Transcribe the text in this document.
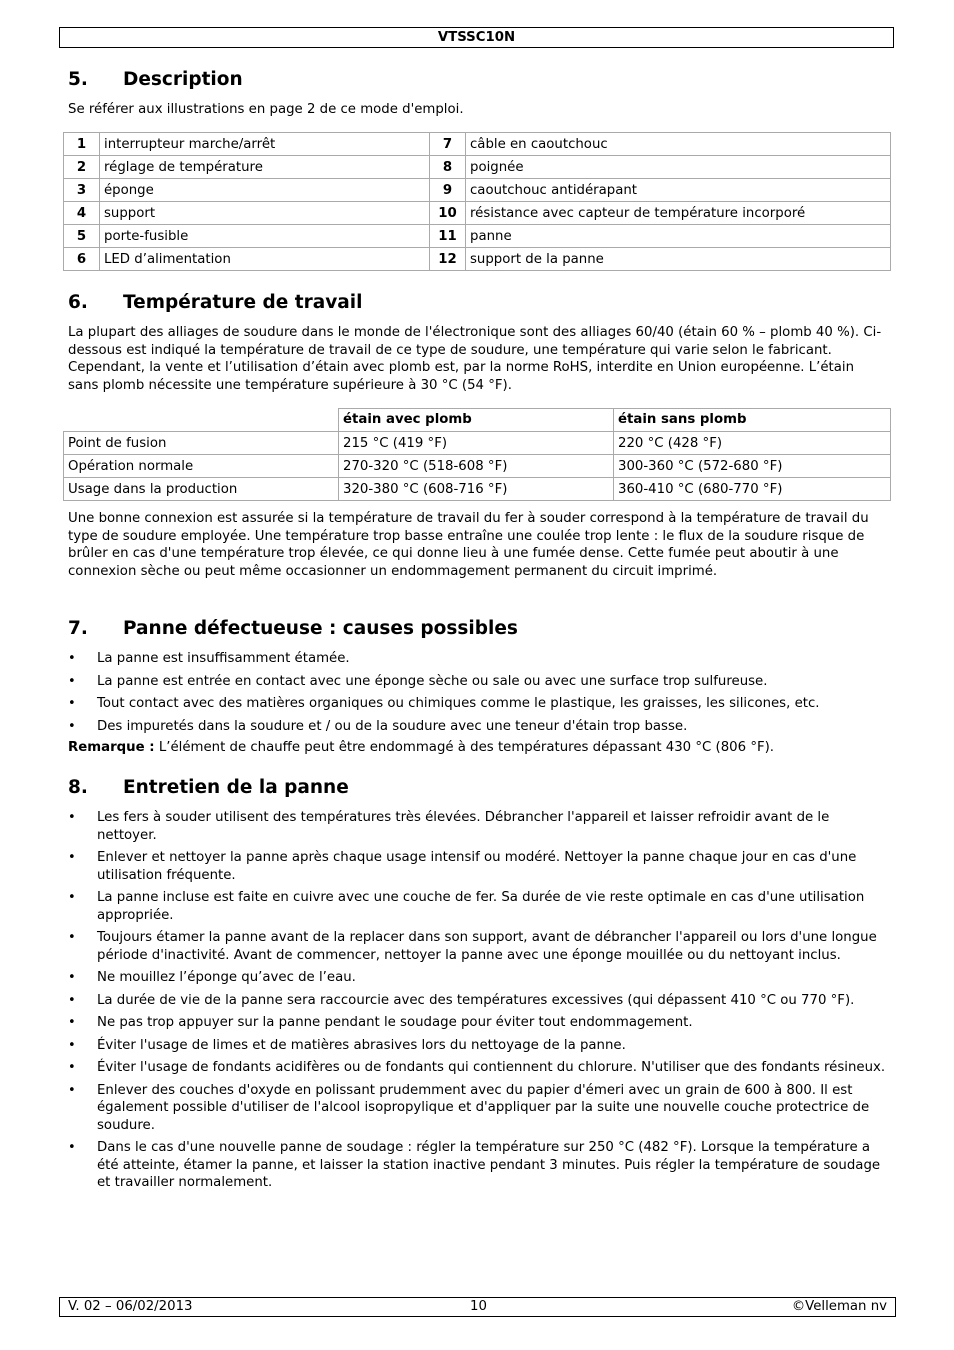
VTSSC10N
5. Description
Se référer aux illustrations en page 2 de ce mode d'emploi.
1	interrupteur marche/arrêt	7	câble en caoutchouc
2	réglage de température	8	poignée
3	éponge	9	caoutchouc antidérapant
4	support	10	résistance avec capteur de température incorporé
5	porte-fusible	11	panne
6	LED d’alimentation	12	support de la panne
6. Température de travail
La plupart des alliages de soudure dans le monde de l'électronique sont des alliages 60/40 (étain 60 % – plomb 40 %). Ci-dessous est indiqué la température de travail de ce type de soudure, une température qui varie selon le fabricant. Cependant, la vente et l’utilisation d’étain avec plomb est, par la norme RoHS, interdite en Union européenne. L’étain sans plomb nécessite une température supérieure à 30 °C (54 °F).
	étain avec plomb	étain sans plomb
Point de fusion	215 °C (419 °F)	220 °C (428 °F)
Opération normale	270-320 °C (518-608 °F)	300-360 °C (572-680 °F)
Usage dans la production	320-380 °C (608-716 °F)	360-410 °C (680-770 °F)
Une bonne connexion est assurée si la température de travail du fer à souder correspond à la température de travail du type de soudure employée. Une température trop basse entraîne une coulée trop lente : le flux de la soudure risque de brûler en cas d'une température trop élevée, ce qui donne lieu à une fumée dense. Cette fumée peut aboutir à une connexion sèche ou peut même occasionner un endommagement permanent du circuit imprimé.
7. Panne défectueuse : causes possibles
• La panne est insuffisamment étamée.
• La panne est entrée en contact avec une éponge sèche ou sale ou avec une surface trop sulfureuse.
• Tout contact avec des matières organiques ou chimiques comme le plastique, les graisses, les silicones, etc.
• Des impuretés dans la soudure et / ou de la soudure avec une teneur d'étain trop basse.
Remarque : L’élément de chauffe peut être endommagé à des températures dépassant 430 °C (806 °F).
8. Entretien de la panne
• Les fers à souder utilisent des températures très élevées. Débrancher l'appareil et laisser refroidir avant de le nettoyer.
• Enlever et nettoyer la panne après chaque usage intensif ou modéré. Nettoyer la panne chaque jour en cas d'une utilisation fréquente.
• La panne incluse est faite en cuivre avec une couche de fer. Sa durée de vie reste optimale en cas d'une utilisation appropriée.
• Toujours étamer la panne avant de la replacer dans son support, avant de débrancher l'appareil ou lors d'une longue période d'inactivité. Avant de commencer, nettoyer la panne avec une éponge mouillée ou du nettoyant inclus.
• Ne mouillez l’éponge qu’avec de l’eau.
• La durée de vie de la panne sera raccourcie avec des températures excessives (qui dépassent 410 °C ou 770 °F).
• Ne pas trop appuyer sur la panne pendant le soudage pour éviter tout endommagement.
• Éviter l'usage de limes et de matières abrasives lors du nettoyage de la panne.
• Éviter l'usage de fondants acidifères ou de fondants qui contiennent du chlorure. N'utiliser que des fondants résineux.
• Enlever des couches d'oxyde en polissant prudemment avec du papier d'émeri avec un grain de 600 à 800. Il est également possible d'utiliser de l'alcool isopropylique et d'appliquer par la suite une nouvelle couche protectrice de soudure.
• Dans le cas d'une nouvelle panne de soudage : régler la température sur 250 °C (482 °F). Lorsque la température a été atteinte, étamer la panne, et laisser la station inactive pendant 3 minutes. Puis régler la température de soudage et travailler normalement.
V. 02 – 06/02/2013	10	©Velleman nv
